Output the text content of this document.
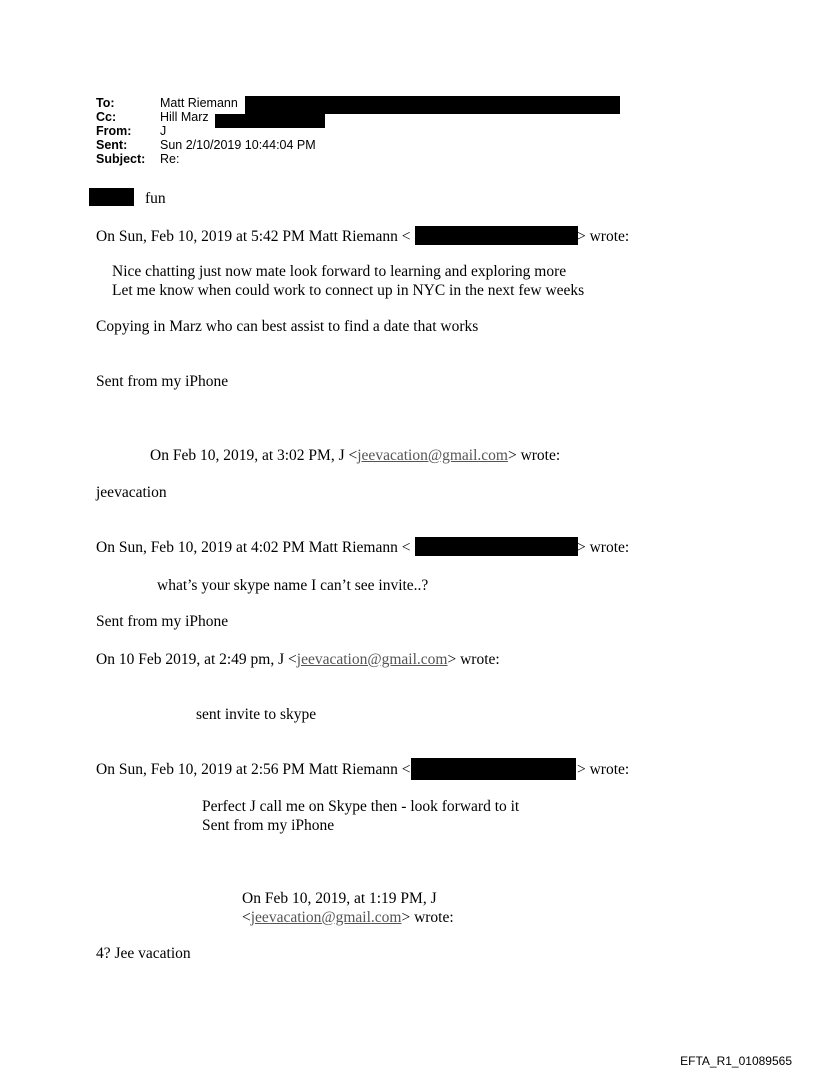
To:	Matt Riemann
Cc:	Hill Marz
From: J
Sent:	Sun 2/10/2019 10:44:04 PM
Subject: Re:
fun
On Sun, Feb 10, 2019 at 5:42 PM Matt Riemann <	> wrote:
Nice chatting just now mate look forward to learning and exploring more
Let me know when could work to connect up in NYC in the next few weeks
Copying in Marz who can best assist to find a date that works
Sent from my iPhone
On Feb 10, 2019, at 3:02 PM, J <jeevacation@gmail.com> wrote:
jeevacation
On Sun, Feb 10, 2019 at 4:02 PM Matt Riemann <	> wrote:
what’s your skype name I can’t see invite..?
Sent from my iPhone
On 10 Feb 2019, at 2:49 pm, J <jeevacation@gmail.com> wrote:
sent invite to skype
On Sun, Feb 10, 2019 at 2:56 PM Matt Riemann <	> wrote:
Perfect J call me on Skype then - look forward to it
Sent from my iPhone
On Feb 10, 2019, at 1:19 PM, J
<jeevacation@gmail.com> wrote:
4? Jee vacation
EFTA_R1_01089565
